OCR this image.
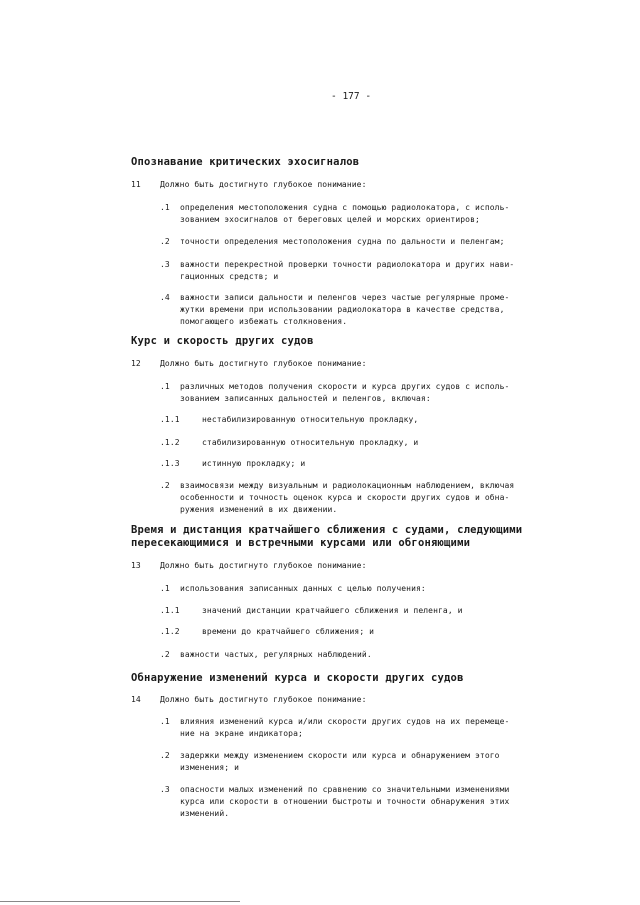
- 177 -
Опознавание критических эхосигналов
11 Должно быть достигнуто глубокое понимание:
.1 определения местоположения судна с помощью радиолокатора, с исполь-
зованием эхосигналов от береговых целей и морских ориентиров;
.2 точности определения местоположения судна по дальности и пеленгам;
.3 важности перекрестной проверки точности радиолокатора и других нави-
гационных средств; и
.4 важности записи дальности и пеленгов через частые регулярные проме-
жутки времени при использовании радиолокатора в качестве средства,
помогающего избежать столкновения.
Курс и скорость других судов
12 Должно быть достигнуто глубокое понимание:
.1 различных методов получения скорости и курса других судов с исполь-
зованием записанных дальностей и пеленгов, включая:
.1.1	нестабилизированную относительную прокладку,
.1.2	стабилизированную относительную прокладку, и
.1.3	истинную прокладку; и
.2 взаимосвязи между визуальным и радиолокационным наблюдением, включая
особенности и точность оценок курса и скорости других судов и обна-
ружения изменений в их движении.
Время и дистанция кратчайшего сближения с судами, следующими
пересекающимися и встречными курсами или обгоняющими
13 Должно быть достигнуто глубокое понимание:
.1 использования записанных данных с целью получения:
.1.1	значений дистанции кратчайшего сближения и пеленга, и
.1.2	времени до кратчайшего сближения; и
.2 важности частых, регулярных наблюдений.
Обнаружение изменений курса и скорости других судов
14 Должно быть достигнуто глубокое понимание:
.1 влияния изменений курса и/или скорости других судов на их перемеще-
ние на экране индикатора;
.2 задержки между изменением скорости или курса и обнаружением этого
изменения; и
.3 опасности малых изменений по сравнению со значительными изменениями
курса или скорости в отношении быстроты и точности обнаружения этих
изменений.
